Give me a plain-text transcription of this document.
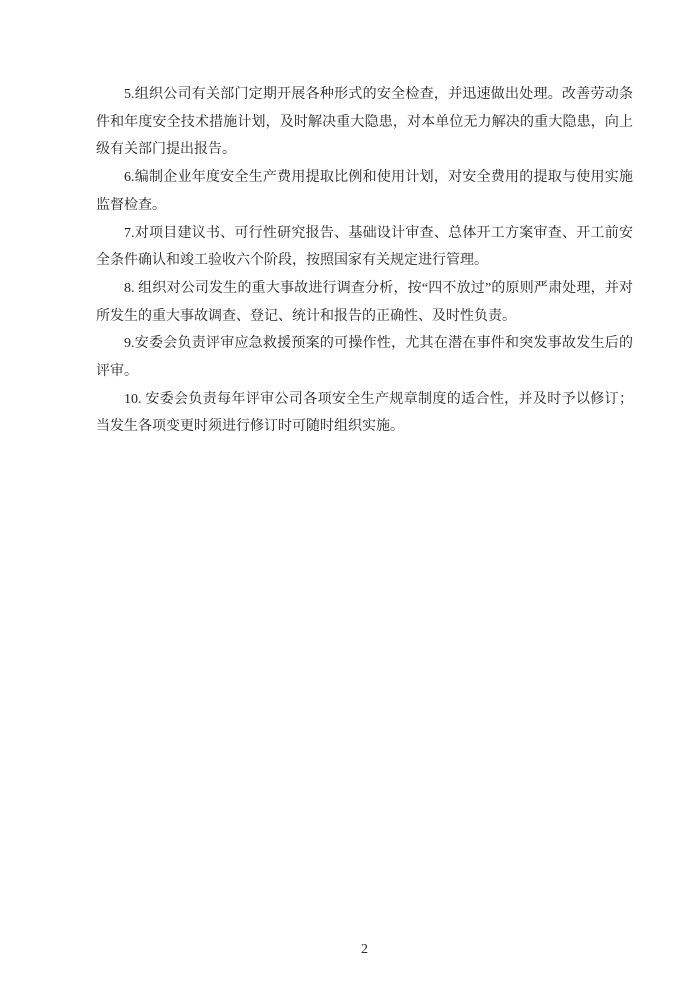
5.组织公司有关部门定期开展各种形式的安全检查，并迅速做出处理。改善劳动条件和年度安全技术措施计划，及时解决重大隐患，对本单位无力解决的重大隐患，向上级有关部门提出报告。

6.编制企业年度安全生产费用提取比例和使用计划，对安全费用的提取与使用实施监督检查。

7.对项目建议书、可行性研究报告、基础设计审查、总体开工方案审查、开工前安全条件确认和竣工验收六个阶段，按照国家有关规定进行管理。

8. 组织对公司发生的重大事故进行调查分析，按“四不放过”的原则严肃处理，并对所发生的重大事故调查、登记、统计和报告的正确性、及时性负责。

9.安委会负责评审应急救援预案的可操作性，尤其在潜在事件和突发事故发生后的评审。

10. 安委会负责每年评审公司各项安全生产规章制度的适合性，并及时予以修订；当发生各项变更时须进行修订时可随时组织实施。

2
